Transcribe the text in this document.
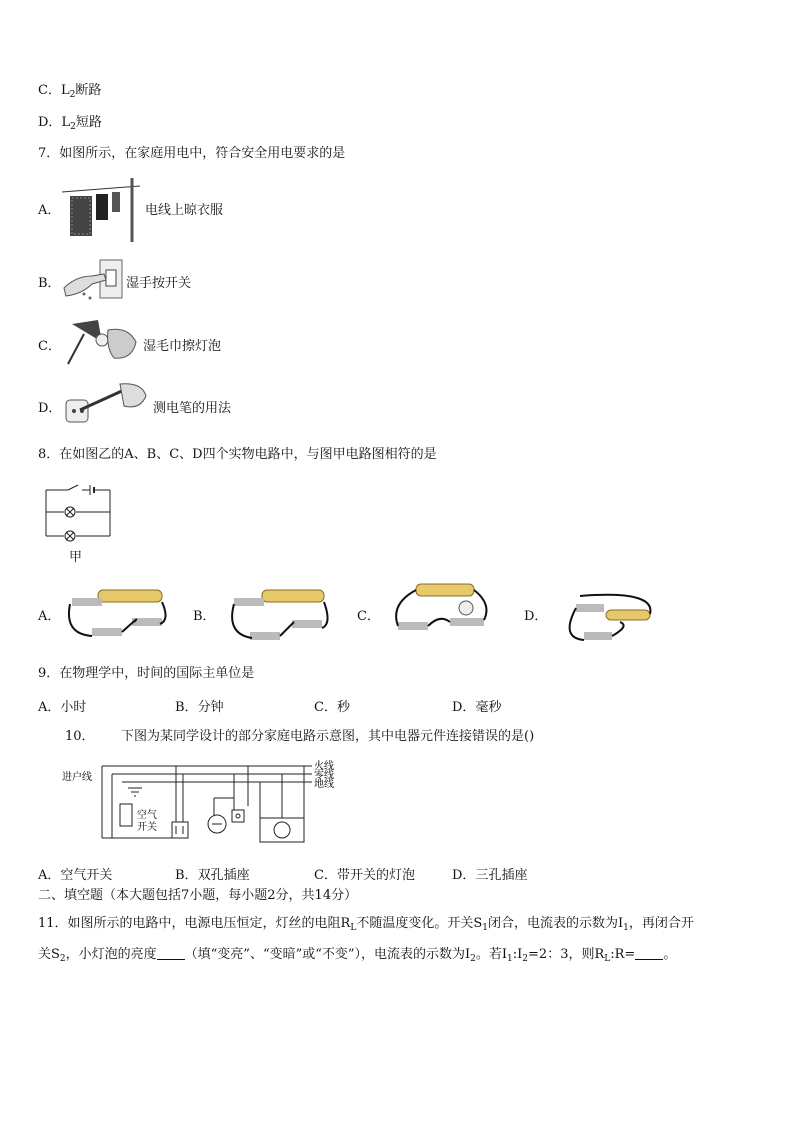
C．$L_2$断路
D．$L_2$短路
7．如图所示，在家庭用电中，符合安全用电要求的是
A．	电线上晾衣服
B．	湿手按开关
C．	湿毛巾擦灯泡
D．	测电笔的用法
8．在如图乙的A、B、C、D四个实物电路中，与图甲电路图相符的是
甲
A．	B．	C．	D．
9．在物理学中，时间的国际主单位是
A．小时	B．分钟	C．秒	D．毫秒
10． 下图为某同学设计的部分家庭电路示意图，其中电器元件连接错误的是()
进户线
火线
零线
地线
空气
开关
A．空气开关	B．双孔插座	C．带开关的灯泡	D．三孔插座
二、填空题（本大题包括7小题，每小题2分，共14分）
11．如图所示的电路中，电源电压恒定，灯丝的电阻$R_L$不随温度变化。开关$S_1$闭合，电流表的示数为$I_1$，再闭合开
关$S_2$，小灯泡的亮度 （填“变亮”、“变暗”或“不变”），电流表的示数为$I_2$。若$I_1:I_2=2$：3，则$R_L:R=$ 。
